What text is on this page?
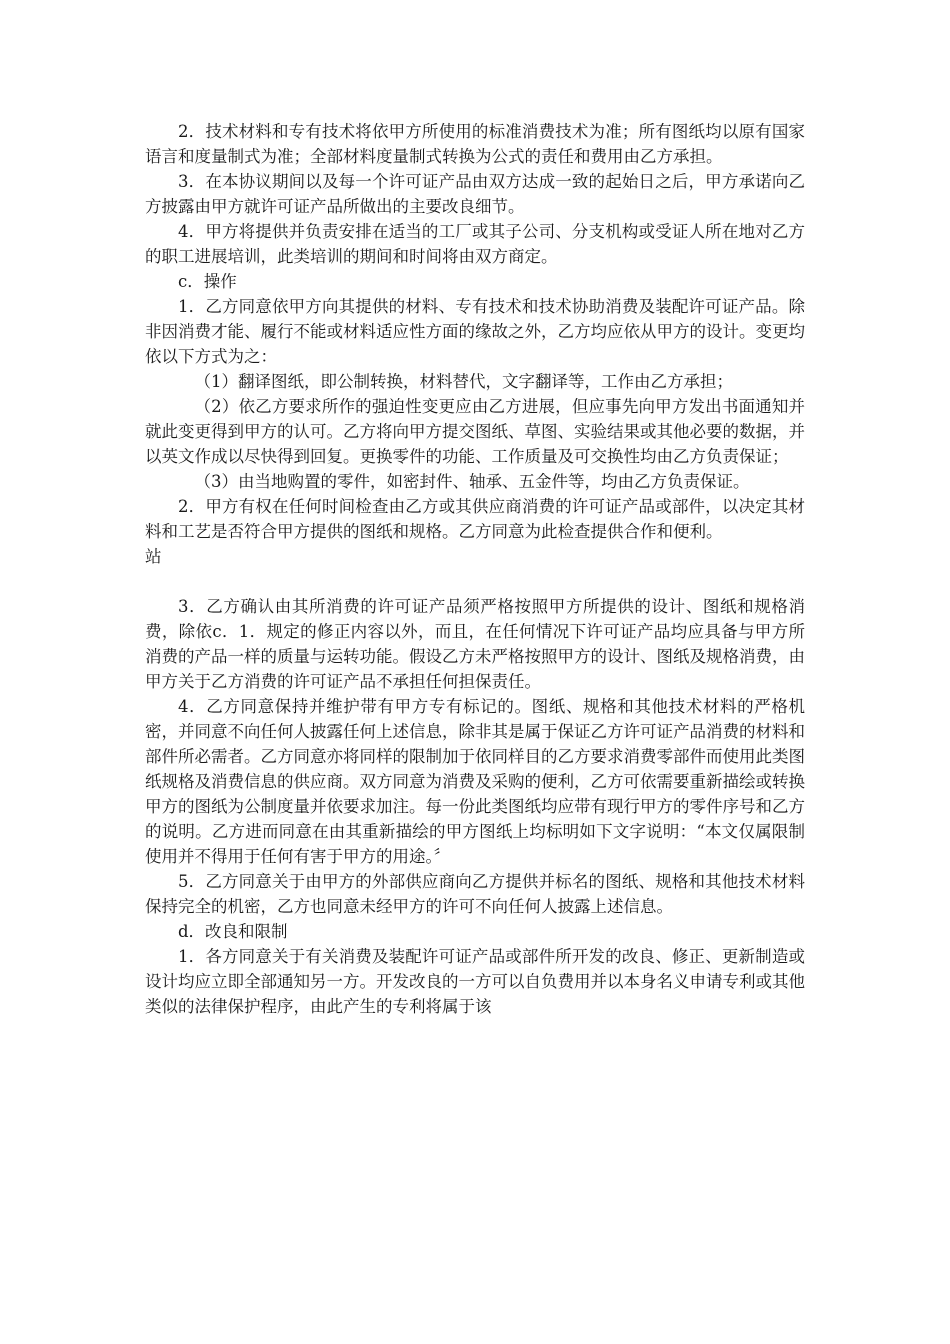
2．技术材料和专有技术将依甲方所使用的标准消费技术为准；所有图纸均以原有国家语言和度量制式为准；全部材料度量制式转换为公式的责任和费用由乙方承担。

3．在本协议期间以及每一个许可证产品由双方达成一致的起始日之后，甲方承诺向乙方披露由甲方就许可证产品所做出的主要改良细节。

4．甲方将提供并负责安排在适当的工厂或其子公司、分支机构或受证人所在地对乙方的职工进展培训，此类培训的期间和时间将由双方商定。

c．操作

1．乙方同意依甲方向其提供的材料、专有技术和技术协助消费及装配许可证产品。除非因消费才能、履行不能或材料适应性方面的缘故之外，乙方均应依从甲方的设计。变更均依以下方式为之：

（1）翻译图纸，即公制转换，材料替代，文字翻译等，工作由乙方承担；

（2）依乙方要求所作的强迫性变更应由乙方进展，但应事先向甲方发出书面通知并就此变更得到甲方的认可。乙方将向甲方提交图纸、草图、实验结果或其他必要的数据，并以英文作成以尽快得到回复。更换零件的功能、工作质量及可交换性均由乙方负责保证；

（3）由当地购置的零件，如密封件、轴承、五金件等，均由乙方负责保证。

2．甲方有权在任何时间检查由乙方或其供应商消费的许可证产品或部件，以决定其材料和工艺是否符合甲方提供的图纸和规格。乙方同意为此检查提供合作和便利。

站

3．乙方确认由其所消费的许可证产品须严格按照甲方所提供的设计、图纸和规格消费，除依c．1．规定的修正内容以外，而且，在任何情况下许可证产品均应具备与甲方所消费的产品一样的质量与运转功能。假设乙方未严格按照甲方的设计、图纸及规格消费，由甲方关于乙方消费的许可证产品不承担任何担保责任。

4．乙方同意保持并维护带有甲方专有标记的。图纸、规格和其他技术材料的严格机密，并同意不向任何人披露任何上述信息，除非其是属于保证乙方许可证产品消费的材料和部件所必需者。乙方同意亦将同样的限制加于依同样目的乙方要求消费零部件而使用此类图纸规格及消费信息的供应商。双方同意为消费及采购的便利，乙方可依需要重新描绘或转换甲方的图纸为公制度量并依要求加注。每一份此类图纸均应带有现行甲方的零件序号和乙方的说明。乙方进而同意在由其重新描绘的甲方图纸上均标明如下文字说明：“本文仅属限制使用并不得用于任何有害于甲方的用途。〞

5．乙方同意关于由甲方的外部供应商向乙方提供并标名的图纸、规格和其他技术材料保持完全的机密，乙方也同意未经甲方的许可不向任何人披露上述信息。

d．改良和限制

1．各方同意关于有关消费及装配许可证产品或部件所开发的改良、修正、更新制造或设计均应立即全部通知另一方。开发改良的一方可以自负费用并以本身名义申请专利或其他类似的法律保护程序，由此产生的专利将属于该
